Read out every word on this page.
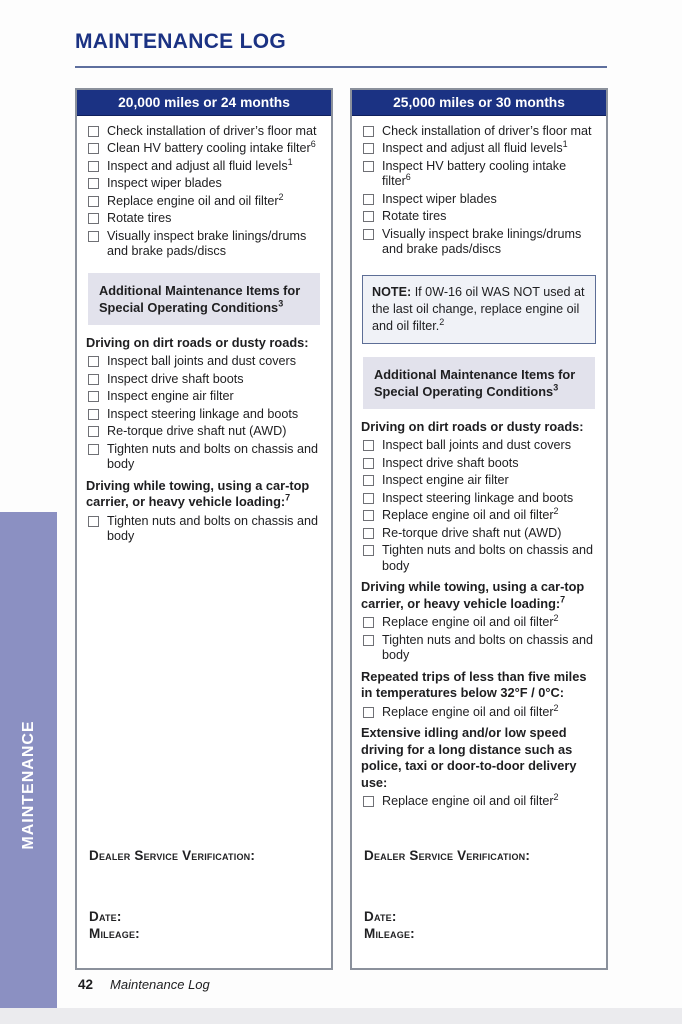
MAINTENANCE LOG
20,000 miles or 24 months
Check installation of driver’s floor mat
Clean HV battery cooling intake filter$^6$
Inspect and adjust all fluid levels$^1$
Inspect wiper blades
Replace engine oil and oil filter$^2$
Rotate tires
Visually inspect brake linings/drums and brake pads/discs
Additional Maintenance Items for Special Operating Conditions$^3$
Driving on dirt roads or dusty roads:
Inspect ball joints and dust covers
Inspect drive shaft boots
Inspect engine air filter
Inspect steering linkage and boots
Re-torque drive shaft nut (AWD)
Tighten nuts and bolts on chassis and body
Driving while towing, using a car-top carrier, or heavy vehicle loading:$^7$
Tighten nuts and bolts on chassis and body
Dealer Service Verification:
Date:
Mileage:
25,000 miles or 30 months
Check installation of driver’s floor mat
Inspect and adjust all fluid levels$^1$
Inspect HV battery cooling intake filter$^6$
Inspect wiper blades
Rotate tires
Visually inspect brake linings/drums and brake pads/discs
NOTE: If 0W-16 oil WAS NOT used at the last oil change, replace engine oil and oil filter.$^2$
Additional Maintenance Items for Special Operating Conditions$^3$
Driving on dirt roads or dusty roads:
Inspect ball joints and dust covers
Inspect drive shaft boots
Inspect engine air filter
Inspect steering linkage and boots
Replace engine oil and oil filter$^2$
Re-torque drive shaft nut (AWD)
Tighten nuts and bolts on chassis and body
Driving while towing, using a car-top carrier, or heavy vehicle loading:$^7$
Replace engine oil and oil filter$^2$
Tighten nuts and bolts on chassis and body
Repeated trips of less than five miles in temperatures below 32°F / 0°C:
Replace engine oil and oil filter$^2$
Extensive idling and/or low speed driving for a long distance such as police, taxi or door-to-door delivery use:
Replace engine oil and oil filter$^2$
Dealer Service Verification:
Date:
Mileage:
MAINTENANCE
42 Maintenance Log
